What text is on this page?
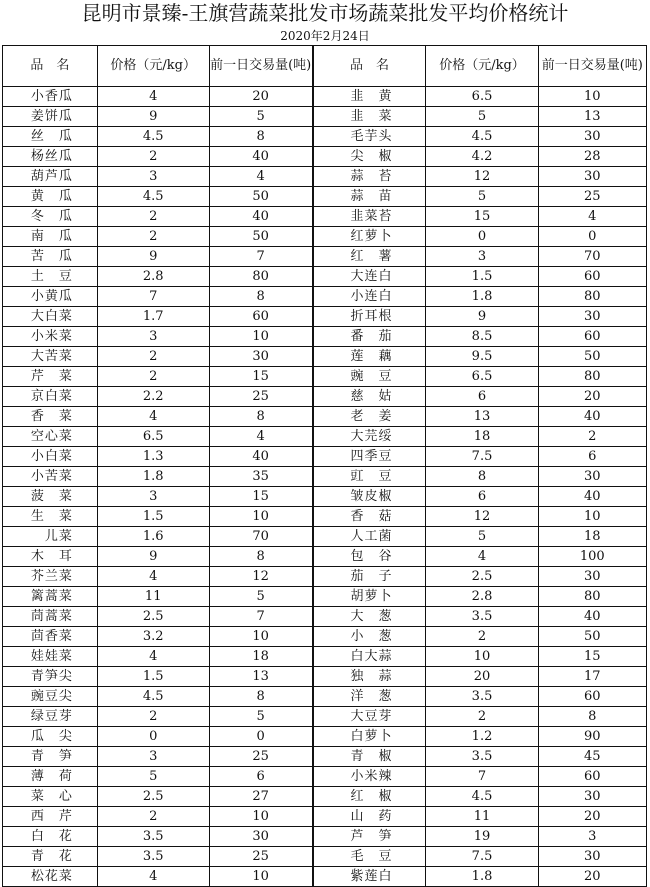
昆明市景臻-王旗营蔬菜批发市场蔬菜批发平均价格统计
2020年2月24日
品　名	价格（元/kg）	前一日交易量(吨)	品　名	价格（元/kg）	前一日交易量(吨)
小香瓜	4	20	韭　黄	6.5	10
姜饼瓜	9	5	韭　菜	5	13
丝　瓜	4.5	8	毛芋头	4.5	30
杨丝瓜	2	40	尖　椒	4.2	28
葫芦瓜	3	4	蒜　苔	12	30
黄　瓜	4.5	50	蒜　苗	5	25
冬　瓜	2	40	韭菜苔	15	4
南　瓜	2	50	红萝卜	0	0
苦　瓜	9	7	红　薯	3	70
土　豆	2.8	80	大连白	1.5	60
小黄瓜	7	8	小连白	1.8	80
大白菜	1.7	60	折耳根	9	30
小米菜	3	10	番　茄	8.5	60
大苦菜	2	30	莲　藕	9.5	50
芹　菜	2	15	豌　豆	6.5	80
京白菜	2.2	25	慈　姑	6	20
香　菜	4	8	老　姜	13	40
空心菜	6.5	4	大芫绥	18	2
小白菜	1.3	40	四季豆	7.5	6
小苦菜	1.8	35	豇　豆	8	30
菠　菜	3	15	皱皮椒	6	40
生　菜	1.5	10	香　菇	12	10
　儿菜	1.6	70	人工菌	5	18
木　耳	9	8	包　谷	4	100
芥兰菜	4	12	茄　子	2.5	30
篱蒿菜	11	5	胡萝卜	2.8	80
茼蒿菜	2.5	7	大　葱	3.5	40
茴香菜	3.2	10	小　葱	2	50
娃娃菜	4	18	白大蒜	10	15
青笋尖	1.5	13	独　蒜	20	17
豌豆尖	4.5	8	洋　葱	3.5	60
绿豆芽	2	5	大豆芽	2	8
瓜　尖	0	0	白萝卜	1.2	90
青　笋	3	25	青　椒	3.5	45
薄　荷	5	6	小米辣	7	60
菜　心	2.5	27	红　椒	4.5	30
西　芹	2	10	山　药	11	20
白　花	3.5	30	芦　笋	19	3
青　花	3.5	25	毛　豆	7.5	30
松花菜	4	10	紫莲白	1.8	20
